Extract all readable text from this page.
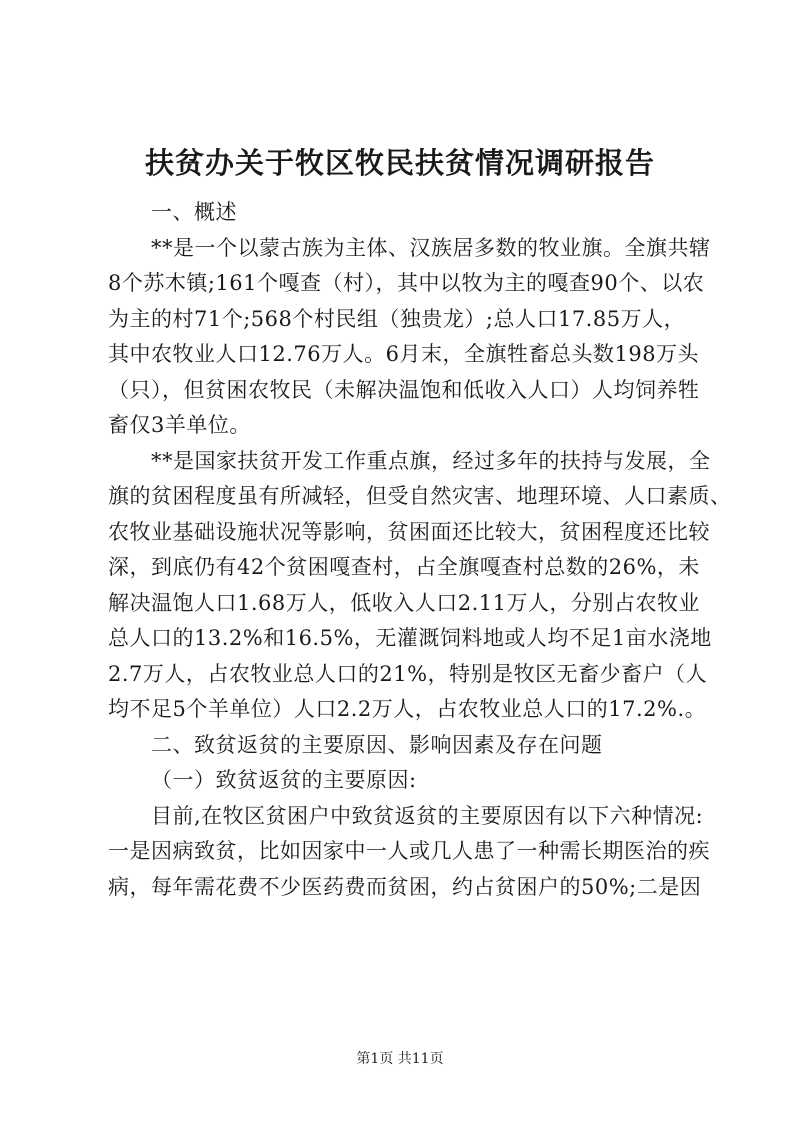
扶贫办关于牧区牧民扶贫情况调研报告
一、概述
**是一个以蒙古族为主体、汉族居多数的牧业旗。全旗共辖
8个苏木镇;161个嘎查（村），其中以牧为主的嘎查90个、以农
为主的村71个;568个村民组（独贵龙）;总人口17.85万人，
其中农牧业人口12.76万人。6月末，全旗牲畜总头数198万头
（只），但贫困农牧民（未解决温饱和低收入人口）人均饲养牲
畜仅3羊单位。
**是国家扶贫开发工作重点旗，经过多年的扶持与发展，全
旗的贫困程度虽有所减轻，但受自然灾害、地理环境、人口素质、
农牧业基础设施状况等影响，贫困面还比较大，贫困程度还比较
深，到底仍有42个贫困嘎查村，占全旗嘎查村总数的26%，未
解决温饱人口1.68万人，低收入人口2.11万人，分别占农牧业
总人口的13.2%和16.5%，无灌溉饲料地或人均不足1亩水浇地
2.7万人，占农牧业总人口的21%，特别是牧区无畜少畜户（人
均不足5个羊单位）人口2.2万人，占农牧业总人口的17.2%.。
二、致贫返贫的主要原因、影响因素及存在问题
（一）致贫返贫的主要原因:
目前,在牧区贫困户中致贫返贫的主要原因有以下六种情况:
一是因病致贫，比如因家中一人或几人患了一种需长期医治的疾
病，每年需花费不少医药费而贫困，约占贫困户的50%;二是因
第1页 共11页
